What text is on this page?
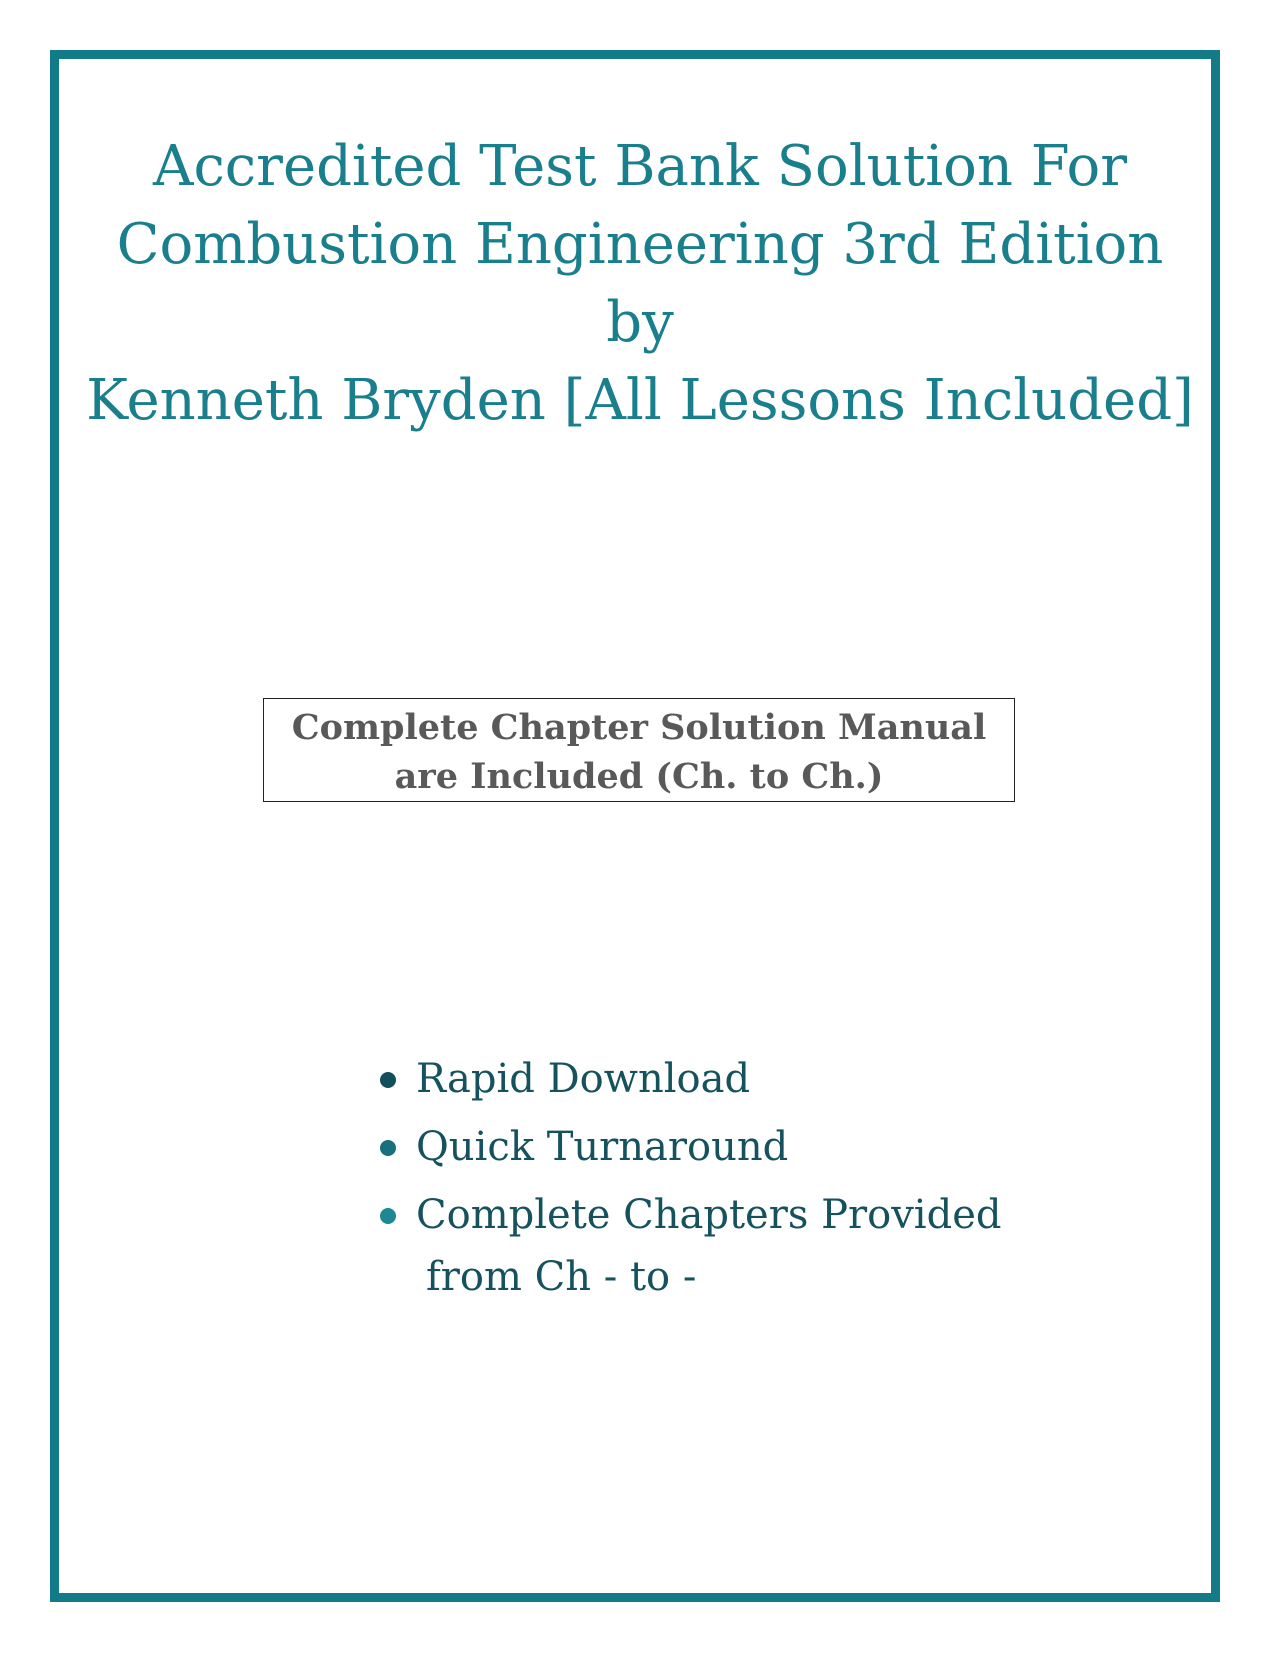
Accredited Test Bank Solution For
Combustion Engineering 3rd Edition by
Kenneth Bryden [All Lessons Included]
Complete Chapter Solution Manual
are Included (Ch. to Ch.)
Rapid Download
Quick Turnaround
Complete Chapters Provided
from Ch - to -
